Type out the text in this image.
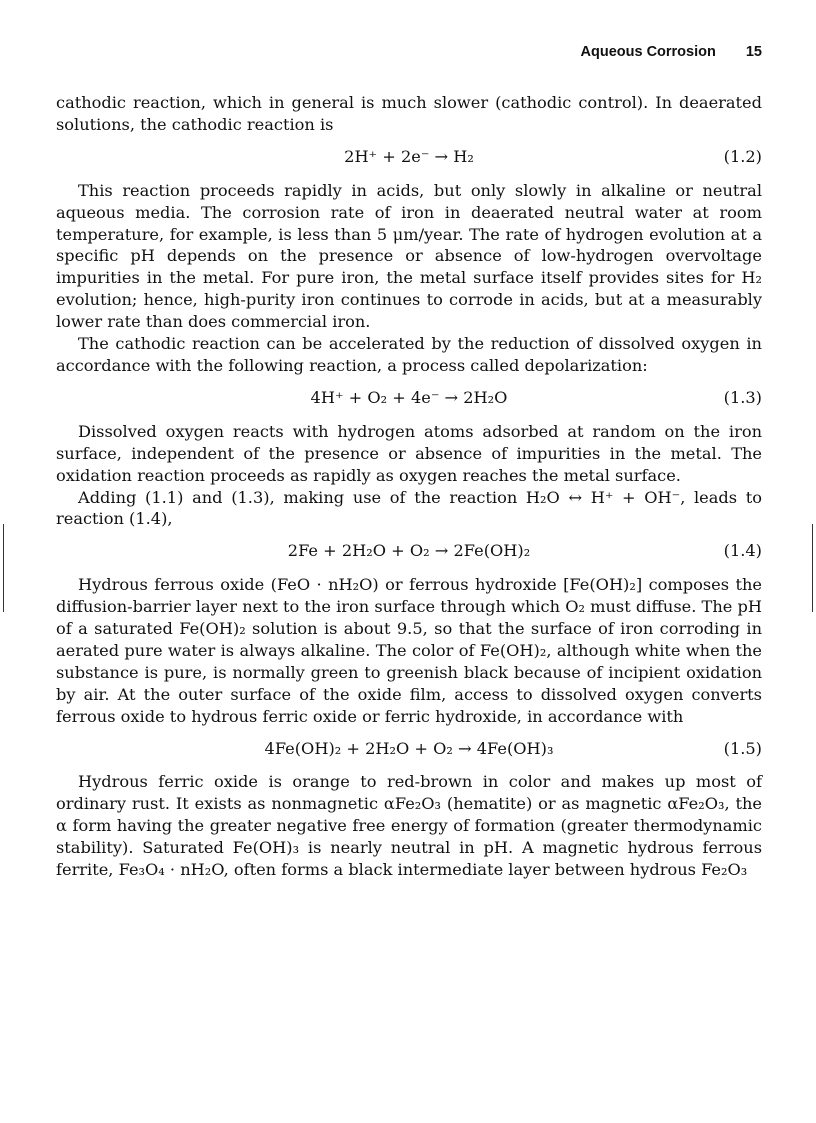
Aqueous Corrosion 15

cathodic reaction, which in general is much slower (cathodic control). In deaerated solutions, the cathodic reaction is

2H⁺ + 2e⁻ → H₂	(1.2)

This reaction proceeds rapidly in acids, but only slowly in alkaline or neutral aqueous media. The corrosion rate of iron in deaerated neutral water at room temperature, for example, is less than 5 μm/year. The rate of hydrogen evolution at a specific pH depends on the presence or absence of low-hydrogen overvoltage impurities in the metal. For pure iron, the metal surface itself provides sites for H₂ evolution; hence, high-purity iron continues to corrode in acids, but at a measurably lower rate than does commercial iron.

The cathodic reaction can be accelerated by the reduction of dissolved oxygen in accordance with the following reaction, a process called depolarization:

4H⁺ + O₂ + 4e⁻ → 2H₂O	(1.3)

Dissolved oxygen reacts with hydrogen atoms adsorbed at random on the iron surface, independent of the presence or absence of impurities in the metal. The oxidation reaction proceeds as rapidly as oxygen reaches the metal surface.

Adding (1.1) and (1.3), making use of the reaction H₂O ↔ H⁺ + OH⁻, leads to reaction (1.4),

2Fe + 2H₂O + O₂ → 2Fe(OH)₂	(1.4)

Hydrous ferrous oxide (FeO · nH₂O) or ferrous hydroxide [Fe(OH)₂] composes the diffusion-barrier layer next to the iron surface through which O₂ must diffuse. The pH of a saturated Fe(OH)₂ solution is about 9.5, so that the surface of iron corroding in aerated pure water is always alkaline. The color of Fe(OH)₂, although white when the substance is pure, is normally green to greenish black because of incipient oxidation by air. At the outer surface of the oxide film, access to dissolved oxygen converts ferrous oxide to hydrous ferric oxide or ferric hydroxide, in accordance with

4Fe(OH)₂ + 2H₂O + O₂ → 4Fe(OH)₃	(1.5)

Hydrous ferric oxide is orange to red-brown in color and makes up most of ordinary rust. It exists as nonmagnetic αFe₂O₃ (hematite) or as magnetic αFe₂O₃, the α form having the greater negative free energy of formation (greater thermodynamic stability). Saturated Fe(OH)₃ is nearly neutral in pH. A magnetic hydrous ferrous ferrite, Fe₃O₄ · nH₂O, often forms a black intermediate layer between hydrous Fe₂O₃
